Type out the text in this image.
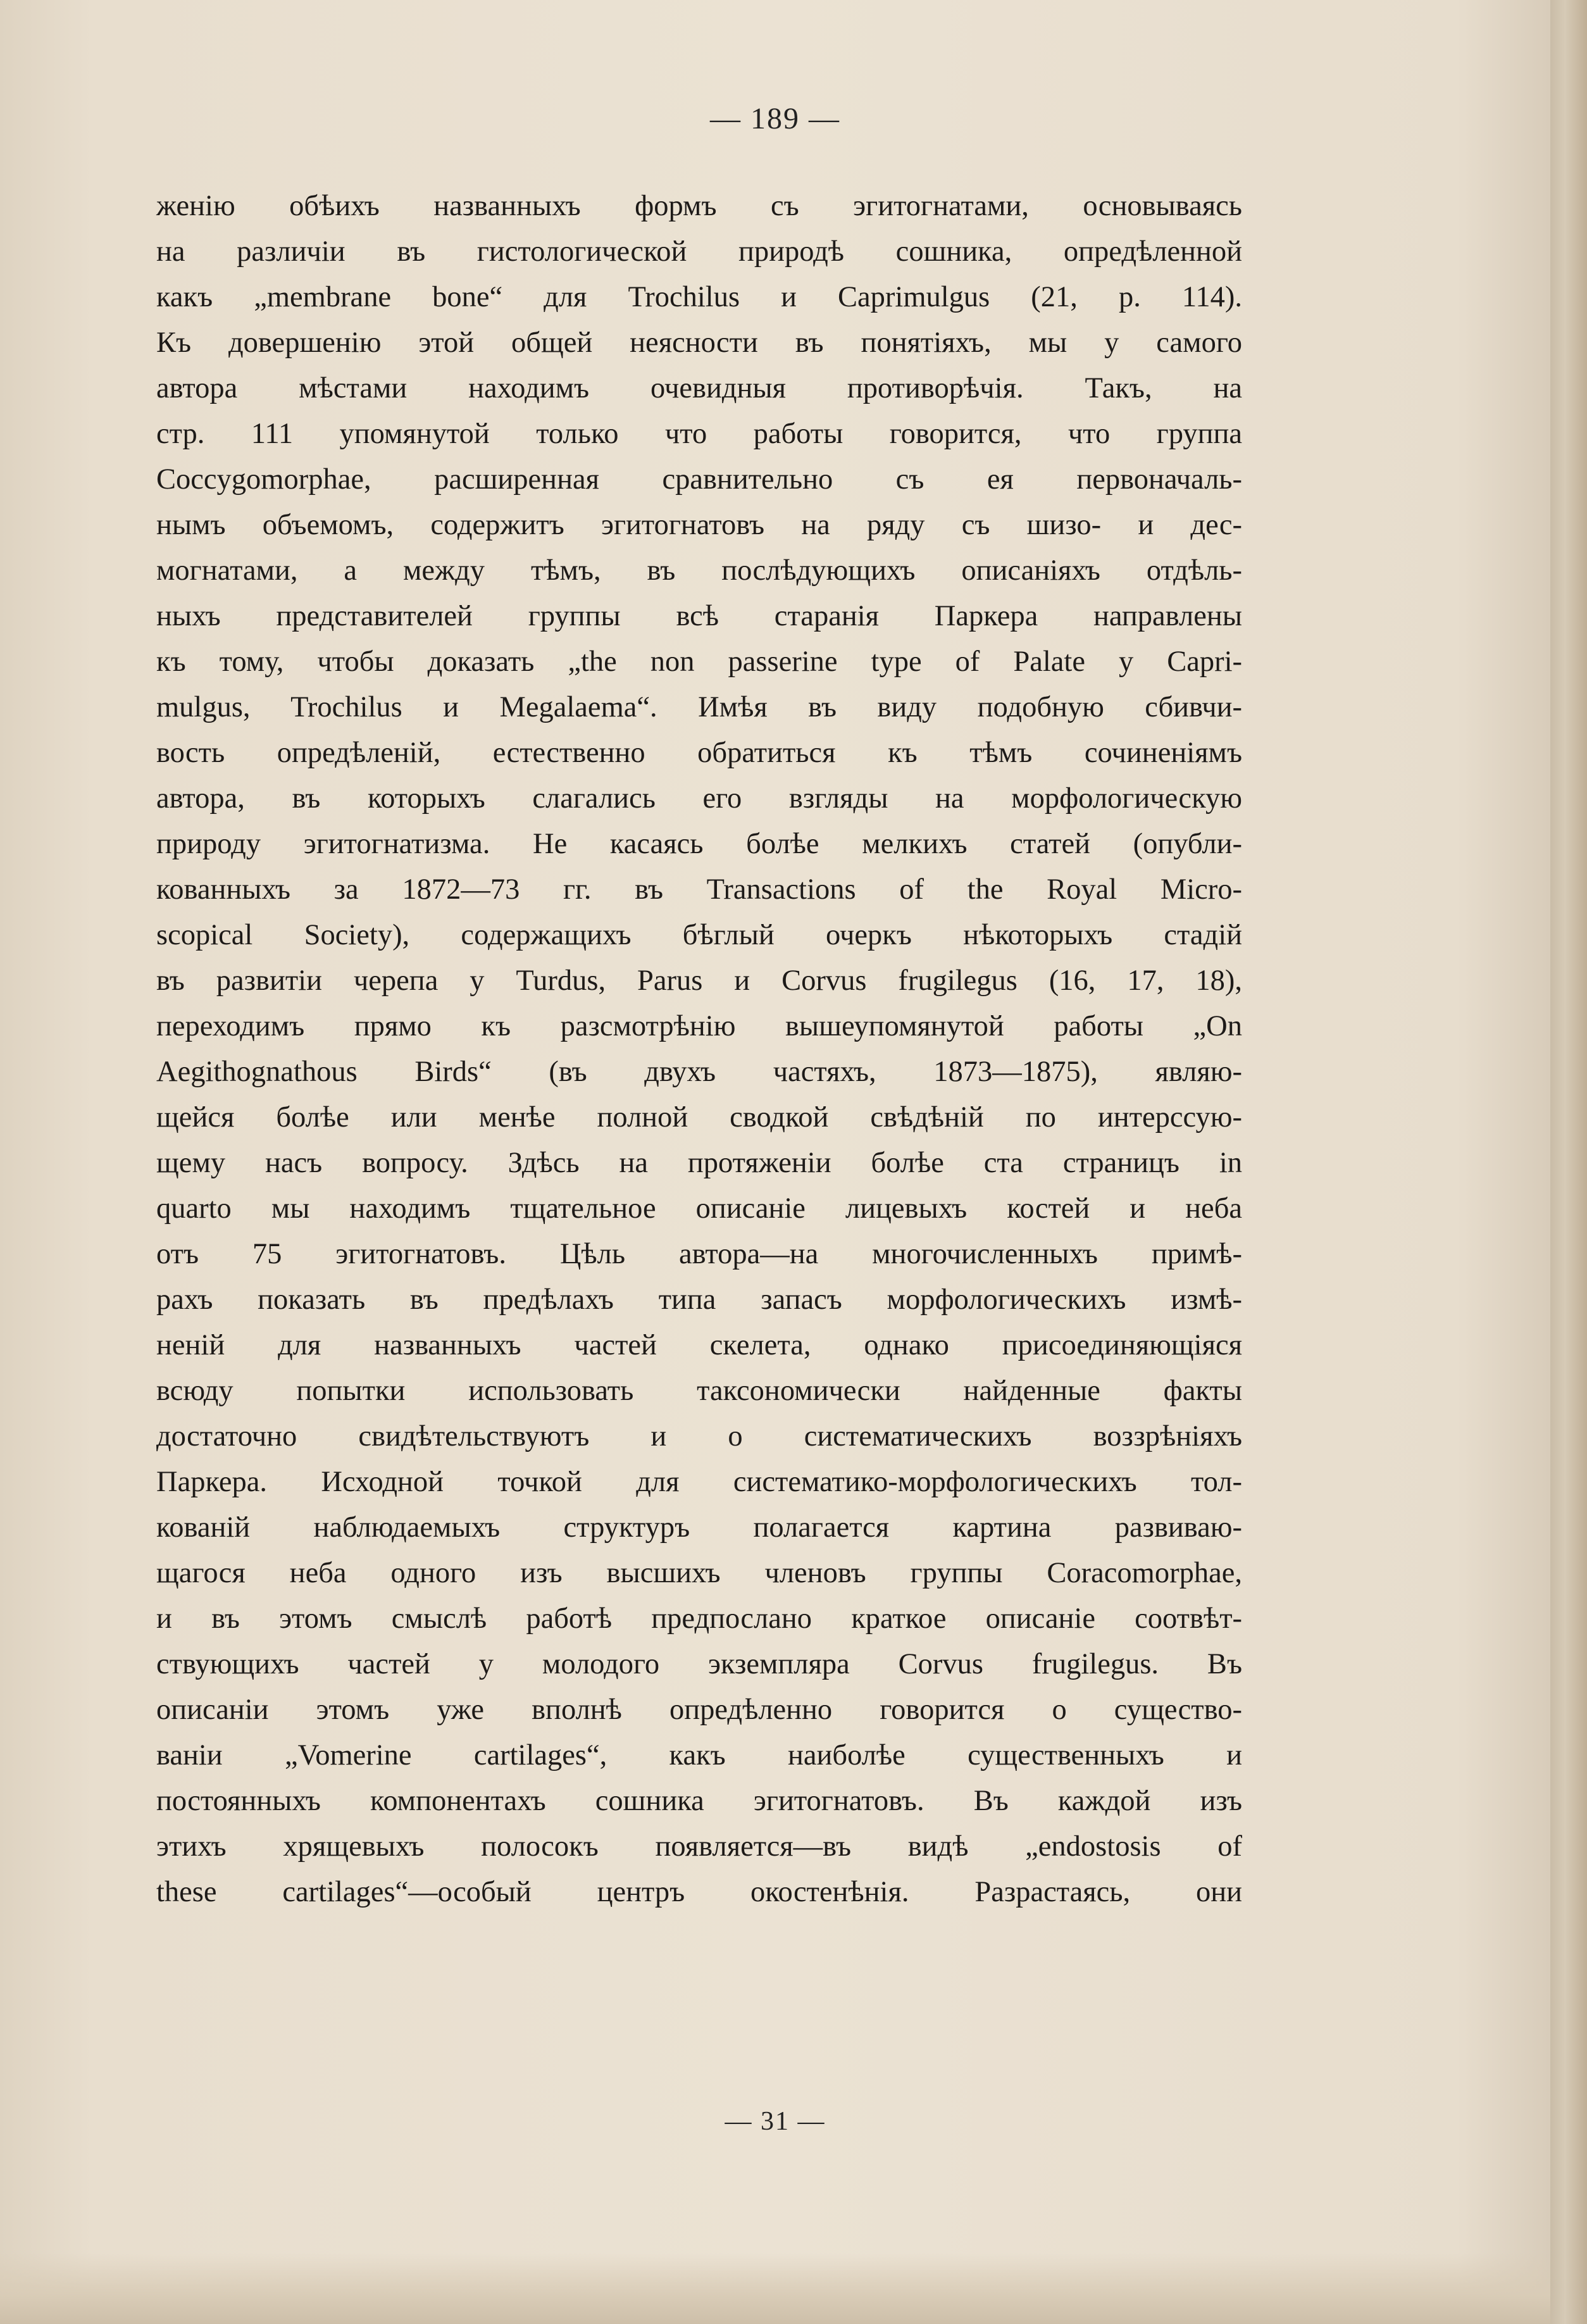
— 189 —
женію обѣихъ названныхъ формъ съ эгитогнатами, основываясь
на различіи въ гистологической природѣ сошника, опредѣленной
какъ „membrane bone“ для Trochilus и Caprimulgus (21, p. 114).
Къ довершенію этой общей неясности въ понятіяхъ, мы у самого
автора мѣстами находимъ очевидныя противорѣчія. Такъ, на
стр. 111 упомянутой только что работы говорится, что группа
Coccygomorphae, расширенная сравнительно съ ея первоначаль-
нымъ объемомъ, содержитъ эгитогнатовъ на ряду съ шизо- и дес-
могнатами, а между тѣмъ, въ послѣдующихъ описаніяхъ отдѣль-
ныхъ представителей группы всѣ старанія Паркера направлены
къ тому, чтобы доказать „the non passerine type of Palate y Capri-
mulgus, Trochilus и Megalaema“. Имѣя въ виду подобную сбивчи-
вость опредѣленій, естественно обратиться къ тѣмъ сочиненіямъ
автора, въ которыхъ слагались его взгляды на морфологическую
природу эгитогнатизма. Не касаясь болѣе мелкихъ статей (опубли-
кованныхъ за 1872—73 гг. въ Transactions of the Royal Micro-
scopical Society), содержащихъ бѣглый очеркъ нѣкоторыхъ стадій
въ развитіи черепа у Turdus, Parus и Corvus frugilegus (16, 17, 18),
переходимъ прямо къ разсмотрѣнію вышеупомянутой работы „On
Aegithognathous Birds“ (въ двухъ частяхъ, 1873—1875), являю-
щейся болѣе или менѣе полной сводкой свѣдѣній по интерссую-
щему насъ вопросу. Здѣсь на протяженіи болѣе ста страницъ in
quarto мы находимъ тщательное описаніе лицевыхъ костей и неба
отъ 75 эгитогнатовъ. Цѣль автора—на многочисленныхъ примѣ-
рахъ показать въ предѣлахъ типа запасъ морфологическихъ измѣ-
неній для названныхъ частей скелета, однако присоединяющіяся
всюду попытки использовать таксономически найденные факты
достаточно свидѣтельствуютъ и о систематическихъ воззрѣніяхъ
Паркера. Исходной точкой для систематико-морфологическихъ тол-
кованій наблюдаемыхъ структуръ полагается картина развиваю-
щагося неба одного изъ высшихъ членовъ группы Coracomorphae,
и въ этомъ смыслѣ работѣ предпослано краткое описаніе соотвѣт-
ствующихъ частей у молодого экземпляра Corvus frugilegus. Въ
описаніи этомъ уже вполнѣ опредѣленно говорится о существо-
ваніи „Vomerine cartilages“, какъ наиболѣе существенныхъ и
постоянныхъ компонентахъ сошника эгитогнатовъ. Въ каждой изъ
этихъ хрящевыхъ полосокъ появляется—въ видѣ „endostosis of
these cartilages“—особый центръ окостенѣнія. Разрастаясь, они
— 31 —
